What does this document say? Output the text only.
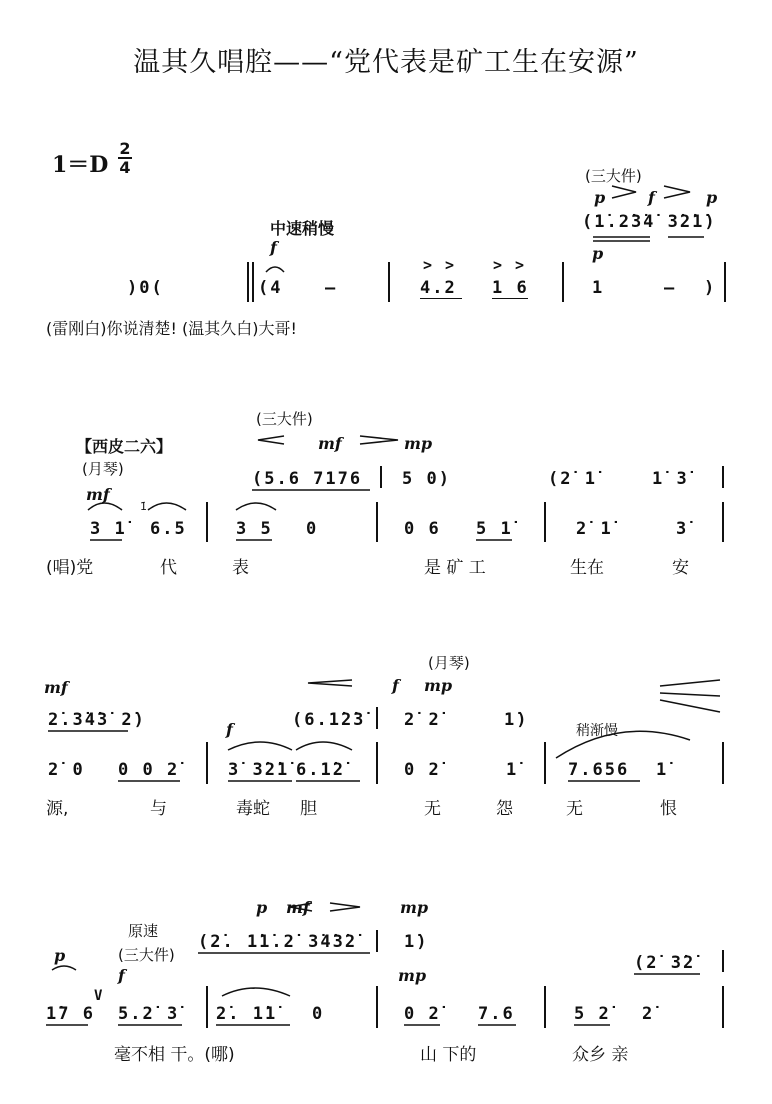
温其久唱腔——“党代表是矿工生在安源”
1＝D
2
4	(三大件)
p	f	p
(1̇.2̇3̇4̇ 3̇2̇1̇)
中速稍慢
f	p
> > > >
)0(	(4	–	4.2 1 6	1	– )
(雷刚白)你说清楚! (温其久白)大哥!
(三大件)
【西皮二六】	mf	mp
(月琴)	(5.6 7176 5 0)	(2̇ 1̇	1̇ 3̇
mf
1̇
3 1̇ 6.5	3 5 0	0 6 5 1̇	2̇ 1̇	3̇
(唱)党	代	表	是 矿 工	生在	安
(月琴)
mf	f mp
2̇.3̇4̇3̇ 2̇)	(6.1̇2̇3̇ 2̇ 2̇	1̇)
f	稍渐慢
2̇ 0 0 0 2̇	3̇ 3̇2̇1̇ 6.1̇2̇	0 2̇	1̇	7.656 1̇
源,	与	毒蛇 胆	无	怨	无	恨
p mf	mp
原速
(2̇. 1̇1̇.2̇ 3̇4̇3̇2̇	1̇)
(三大件)
p	(2̇ 3̇2̇
f	mp
1̇7 6
V
5.2̇ 3̇ 2̇. 1̇1̇ 0	0 2̇ 7.6	5 2̇ 2̇
毫不相 干。(哪)	山 下的	众乡 亲
